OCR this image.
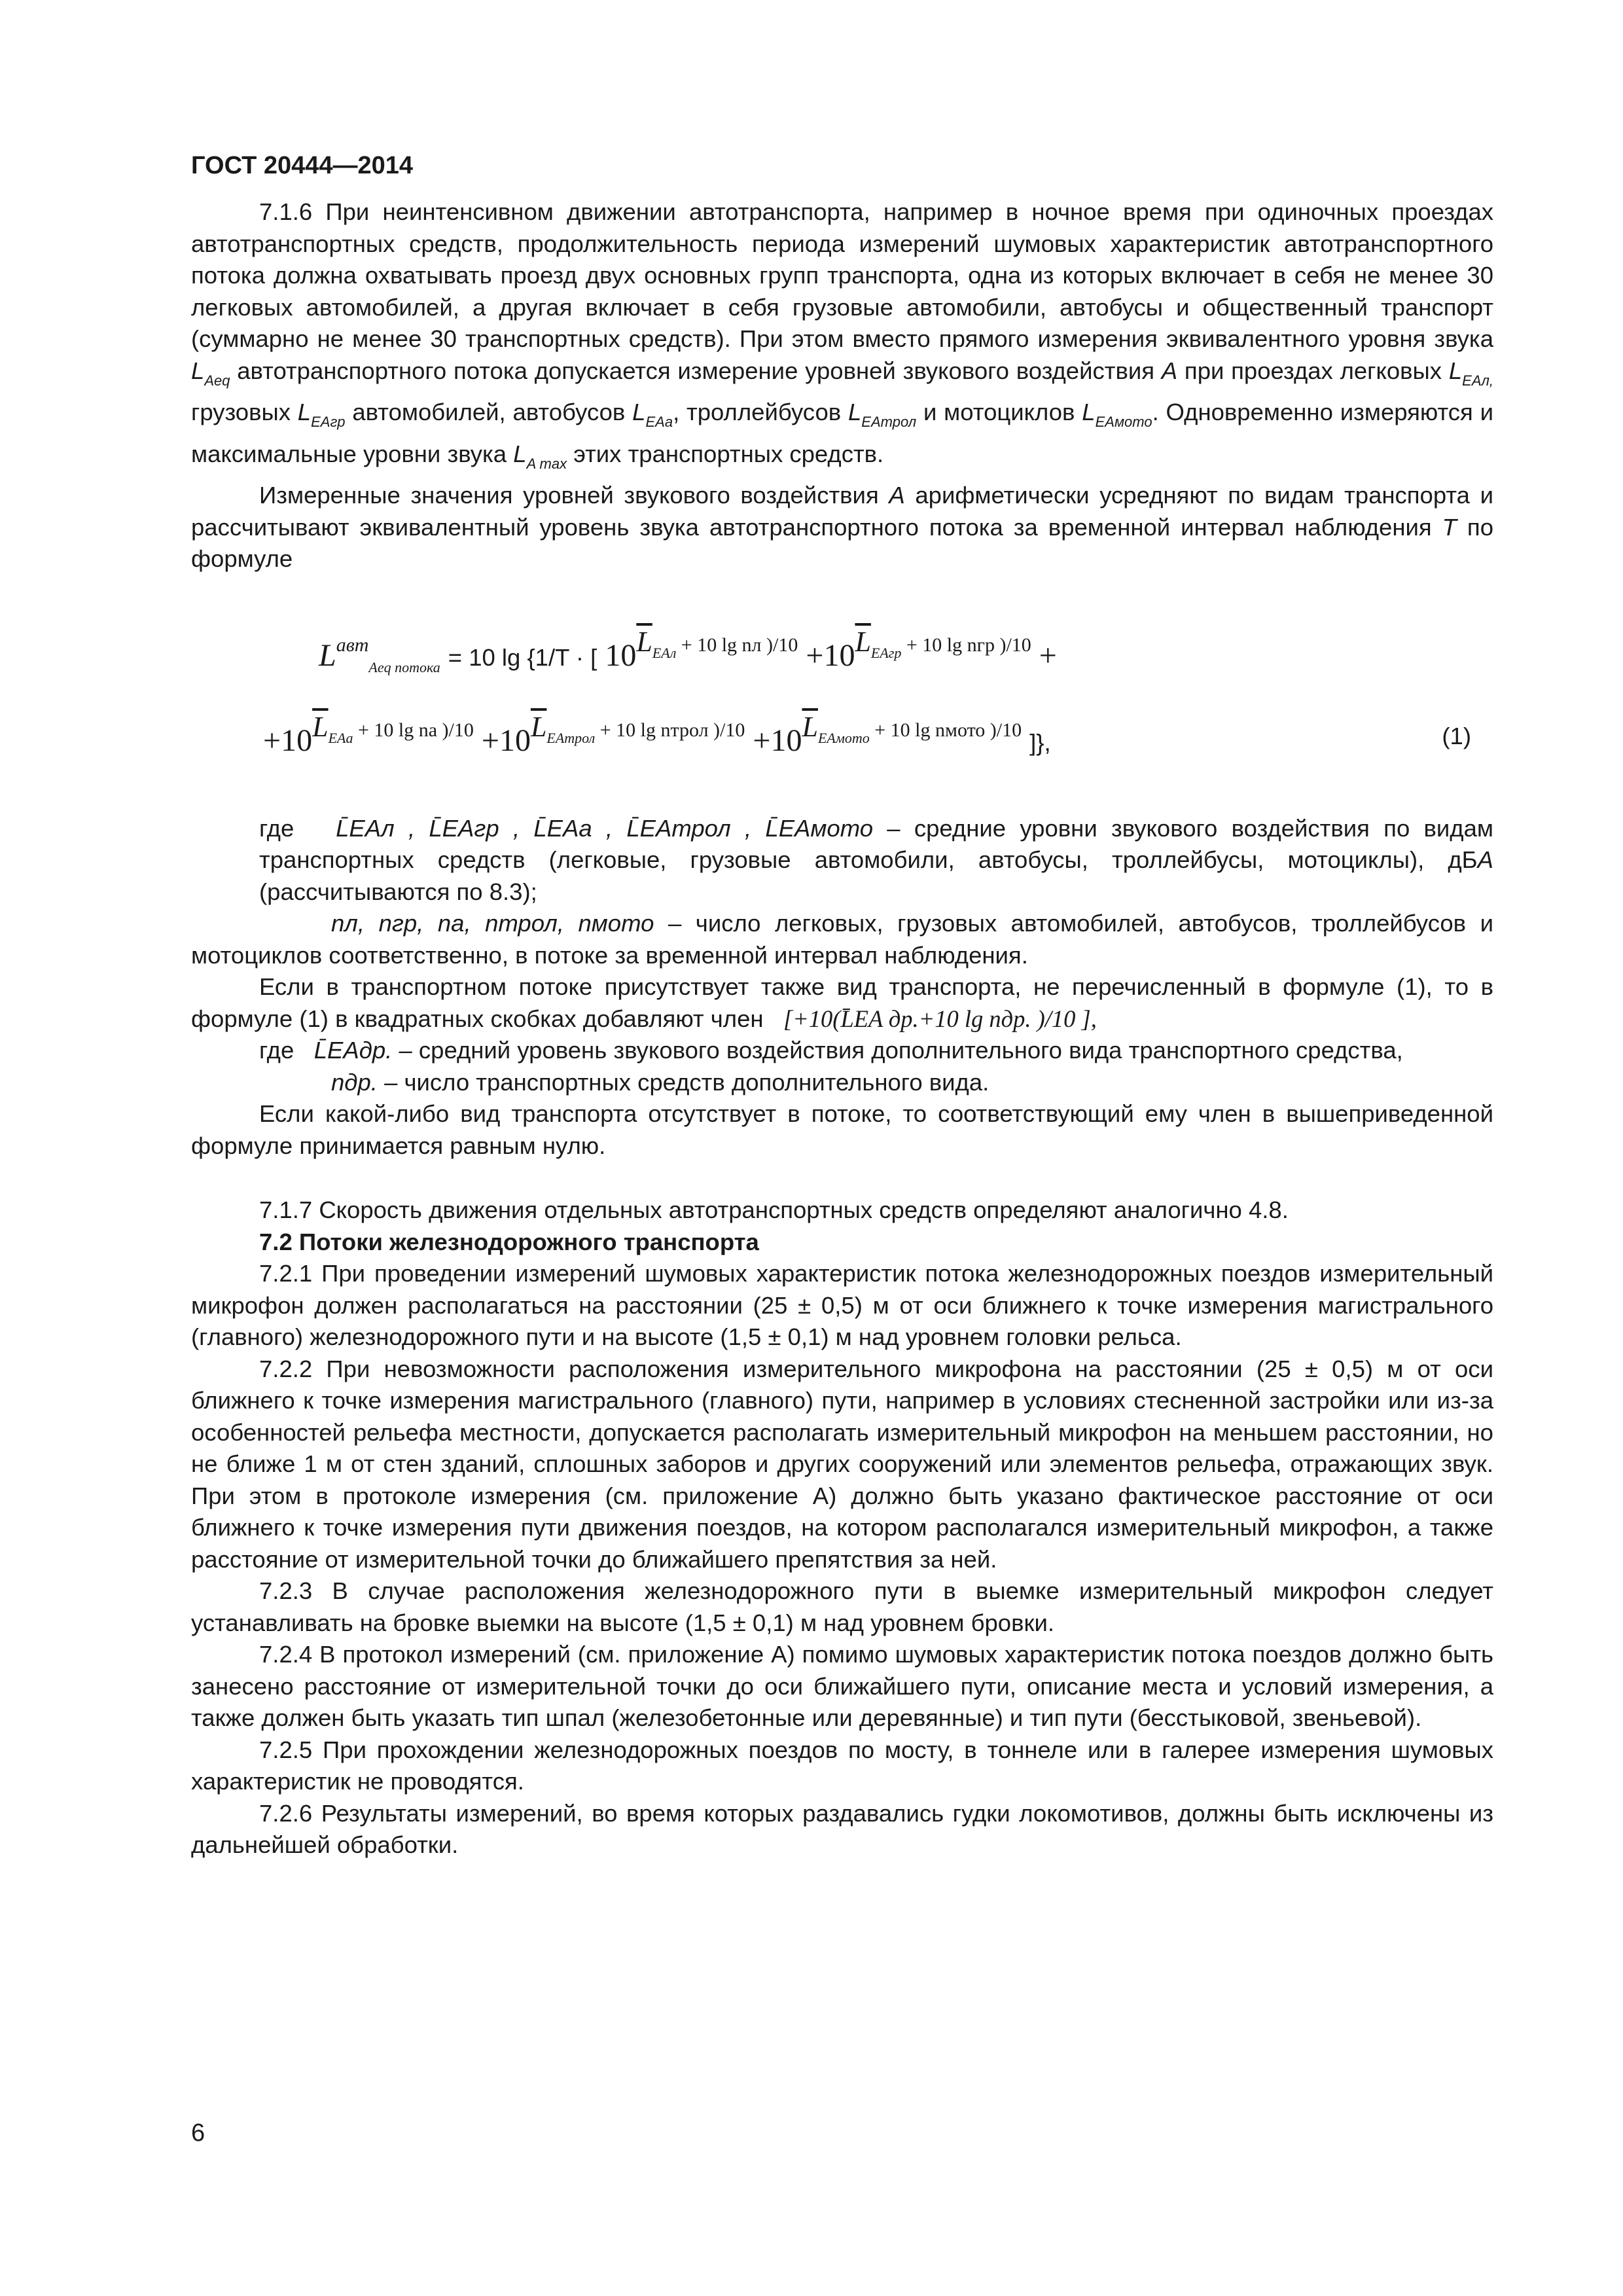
ГОСТ 20444—2014

7.1.6 При неинтенсивном движении автотранспорта, например в ночное время при одиночных проездах автотранспортных средств, продолжительность периода измерений шумовых характеристик автотранспортного потока должна охватывать проезд двух основных групп транспорта, одна из которых включает в себя не менее 30 легковых автомобилей, а другая включает в себя грузовые автомобили, автобусы и общественный транспорт (суммарно не менее 30 транспортных средств). При этом вместо прямого измерения эквивалентного уровня звука $L_{Aeq}$ автотранспортного потока допускается измерение уровней звукового воздействия А при проездах легковых $L_{EAл,}$ грузовых $L_{EAгр}$ автомобилей, автобусов $L_{EAa}$, троллейбусов $L_{EAтрол}$ и мотоциклов $L_{EAмото}$. Одновременно измеряются и максимальные уровни звука $L_{A max}$ этих транспортных средств.

Измеренные значения уровней звукового воздействия А арифметически усредняют по видам транспорта и рассчитывают эквивалентный уровень звука автотранспортного потока за временной интервал наблюдения T по формуле

$L^{авт}_{Aeq потока} = 10$ lg {1/T · [ $10^{\overline{L}_{EAл} + 10 lg nл )/10} +10^{\overline{L}_{EAгр} + 10 lg nгр )/10}$ +
$+10^{\overline{L}_{EAa} + 10 lg na )/10} +10^{\overline{L}_{EAтрол} + 10 lg nтрол )/10} +10^{\overline{L}_{EAмото} + 10 lg nмото )/10}$ ]},	(1)

где L̄EAл , L̄EAгр , L̄EAa , L̄EAтрол , L̄EAмото – средние уровни звукового воздействия по видам транспортных средств (легковые, грузовые автомобили, автобусы, троллейбусы, мотоциклы), дБА (рассчитываются по 8.3);

nл, nгр, na, nтрол, nмото – число легковых, грузовых автомобилей, автобусов, троллейбусов и мотоциклов соответственно, в потоке за временной интервал наблюдения.

Если в транспортном потоке присутствует также вид транспорта, не перечисленный в формуле (1), то в формуле (1) в квадратных скобках добавляют член [+10(L̄EA др.+10 lg nдр. )/10 ],

где L̄EAдр. – средний уровень звукового воздействия дополнительного вида транспортного средства,

nдр. – число транспортных средств дополнительного вида.

Если какой-либо вид транспорта отсутствует в потоке, то соответствующий ему член в вышеприведенной формуле принимается равным нулю.

7.1.7 Скорость движения отдельных автотранспортных средств определяют аналогично 4.8.

7.2 Потоки железнодорожного транспорта

7.2.1 При проведении измерений шумовых характеристик потока железнодорожных поездов измерительный микрофон должен располагаться на расстоянии (25 ± 0,5) м от оси ближнего к точке измерения магистрального (главного) железнодорожного пути и на высоте (1,5 ± 0,1) м над уровнем головки рельса.

7.2.2 При невозможности расположения измерительного микрофона на расстоянии (25 ± 0,5) м от оси ближнего к точке измерения магистрального (главного) пути, например в условиях стесненной застройки или из-за особенностей рельефа местности, допускается располагать измерительный микрофон на меньшем расстоянии, но не ближе 1 м от стен зданий, сплошных заборов и других сооружений или элементов рельефа, отражающих звук. При этом в протоколе измерения (см. приложение А) должно быть указано фактическое расстояние от оси ближнего к точке измерения пути движения поездов, на котором располагался измерительный микрофон, а также расстояние от измерительной точки до ближайшего препятствия за ней.

7.2.3 В случае расположения железнодорожного пути в выемке измерительный микрофон следует устанавливать на бровке выемки на высоте (1,5 ± 0,1) м над уровнем бровки.

7.2.4 В протокол измерений (см. приложение А) помимо шумовых характеристик потока поездов должно быть занесено расстояние от измерительной точки до оси ближайшего пути, описание места и условий измерения, а также должен быть указать тип шпал (железобетонные или деревянные) и тип пути (бесстыковой, звеньевой).

7.2.5 При прохождении железнодорожных поездов по мосту, в тоннеле или в галерее измерения шумовых характеристик не проводятся.

7.2.6 Результаты измерений, во время которых раздавались гудки локомотивов, должны быть исключены из дальнейшей обработки.

6
